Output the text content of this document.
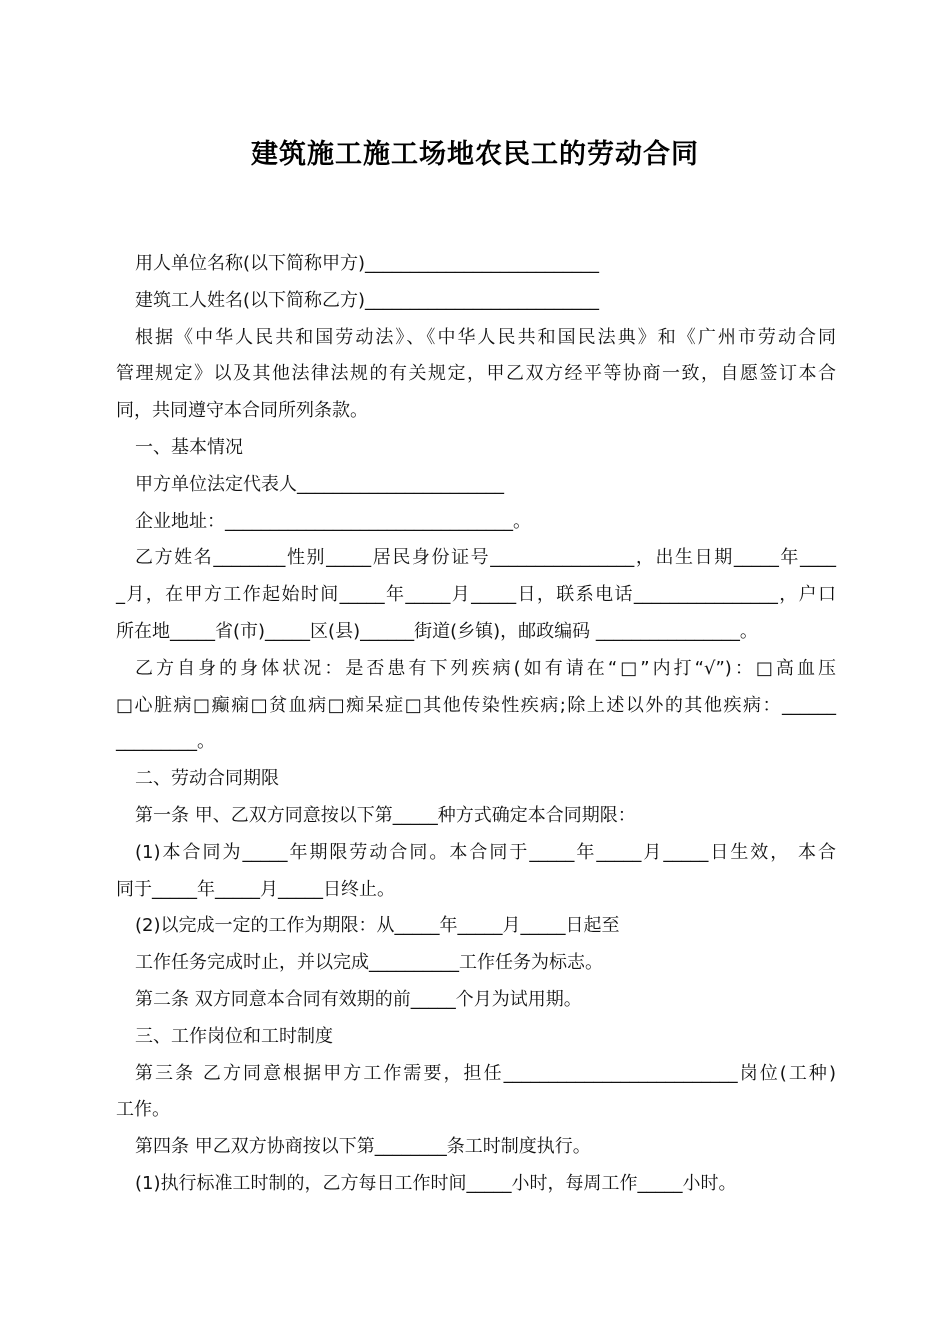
建筑施工施工场地农民工的劳动合同
用人单位名称(以下简称甲方)__________________________
建筑工人姓名(以下简称乙方)__________________________
根据《中华人民共和国劳动法》、《中华人民共和国民法典》和《广州市劳动合同
管理规定》以及其他法律法规的有关规定，甲乙双方经平等协商一致，自愿签订本合
同，共同遵守本合同所列条款。
一、基本情况
甲方单位法定代表人_______________________
企业地址：________________________________。
乙方姓名________性别_____居民身份证号________________，出生日期_____年____
_月，在甲方工作起始时间_____年_____月_____日，联系电话________________，户口
所在地_____省(市)_____区(县)______街道(乡镇)，邮政编码 ________________。
乙方自身的身体状况：是否患有下列疾病(如有请在“□”内打“√”)：□高血压
□心脏病□癫痫□贫血病□痴呆症□其他传染性疾病;除上述以外的其他疾病：______
_________。
二、劳动合同期限
第一条 甲、乙双方同意按以下第_____种方式确定本合同期限：
(1)本合同为_____年期限劳动合同。本合同于_____年_____月_____日生效， 本合
同于_____年_____月_____日终止。
(2)以完成一定的工作为期限：从_____年_____月_____日起至
工作任务完成时止，并以完成__________工作任务为标志。
第二条 双方同意本合同有效期的前_____个月为试用期。
三、工作岗位和工时制度
第三条 乙方同意根据甲方工作需要，担任__________________________岗位(工种)
工作。
第四条 甲乙双方协商按以下第________条工时制度执行。
(1)执行标准工时制的，乙方每日工作时间_____小时，每周工作_____小时。
